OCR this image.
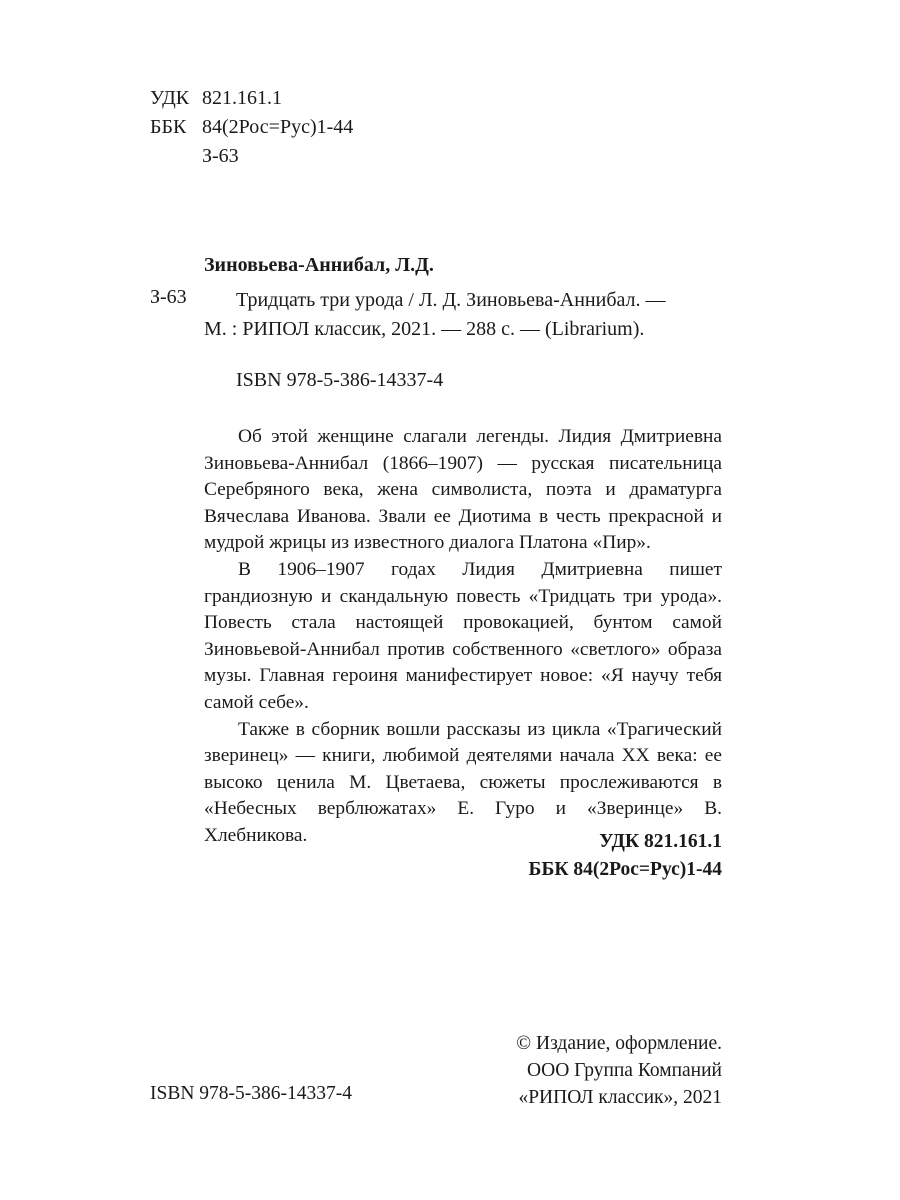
УДК 821.161.1
ББК 84(2Рос=Рус)1-44
З-63
Зиновьева-Аннибал, Л.Д.
З-63 Тридцать три урода / Л. Д. Зиновьева-Аннибал. —
М. : РИПОЛ классик, 2021. — 288 с. — (Librarium).
ISBN 978-5-386-14337-4

Об этой женщине слагали легенды. Лидия Дмитриевна Зиновьева-Аннибал (1866–1907) — русская писательница Серебряного века, жена символиста, поэта и драматурга Вячеслава Иванова. Звали ее Диотима в честь прекрасной и мудрой жрицы из известного диалога Платона «Пир».

В 1906–1907 годах Лидия Дмитриевна пишет грандиозную и скандальную повесть «Тридцать три урода». Повесть стала настоящей провокацией, бунтом самой Зиновьевой-Аннибал против собственного «светлого» образа музы. Главная героиня манифестирует новое: «Я научу тебя самой себе».

Также в сборник вошли рассказы из цикла «Трагический зверинец» — книги, любимой деятелями начала XX века: ее высоко ценила М. Цветаева, сюжеты прослеживаются в «Небесных верблюжатах» Е. Гуро и «Зверинце» В. Хлебникова.	УДК 821.161.1
ББК 84(2Рос=Рус)1-44
© Издание, оформление.
ООО Группа Компаний
«РИПОЛ классик», 2021
ISBN 978-5-386-14337-4
